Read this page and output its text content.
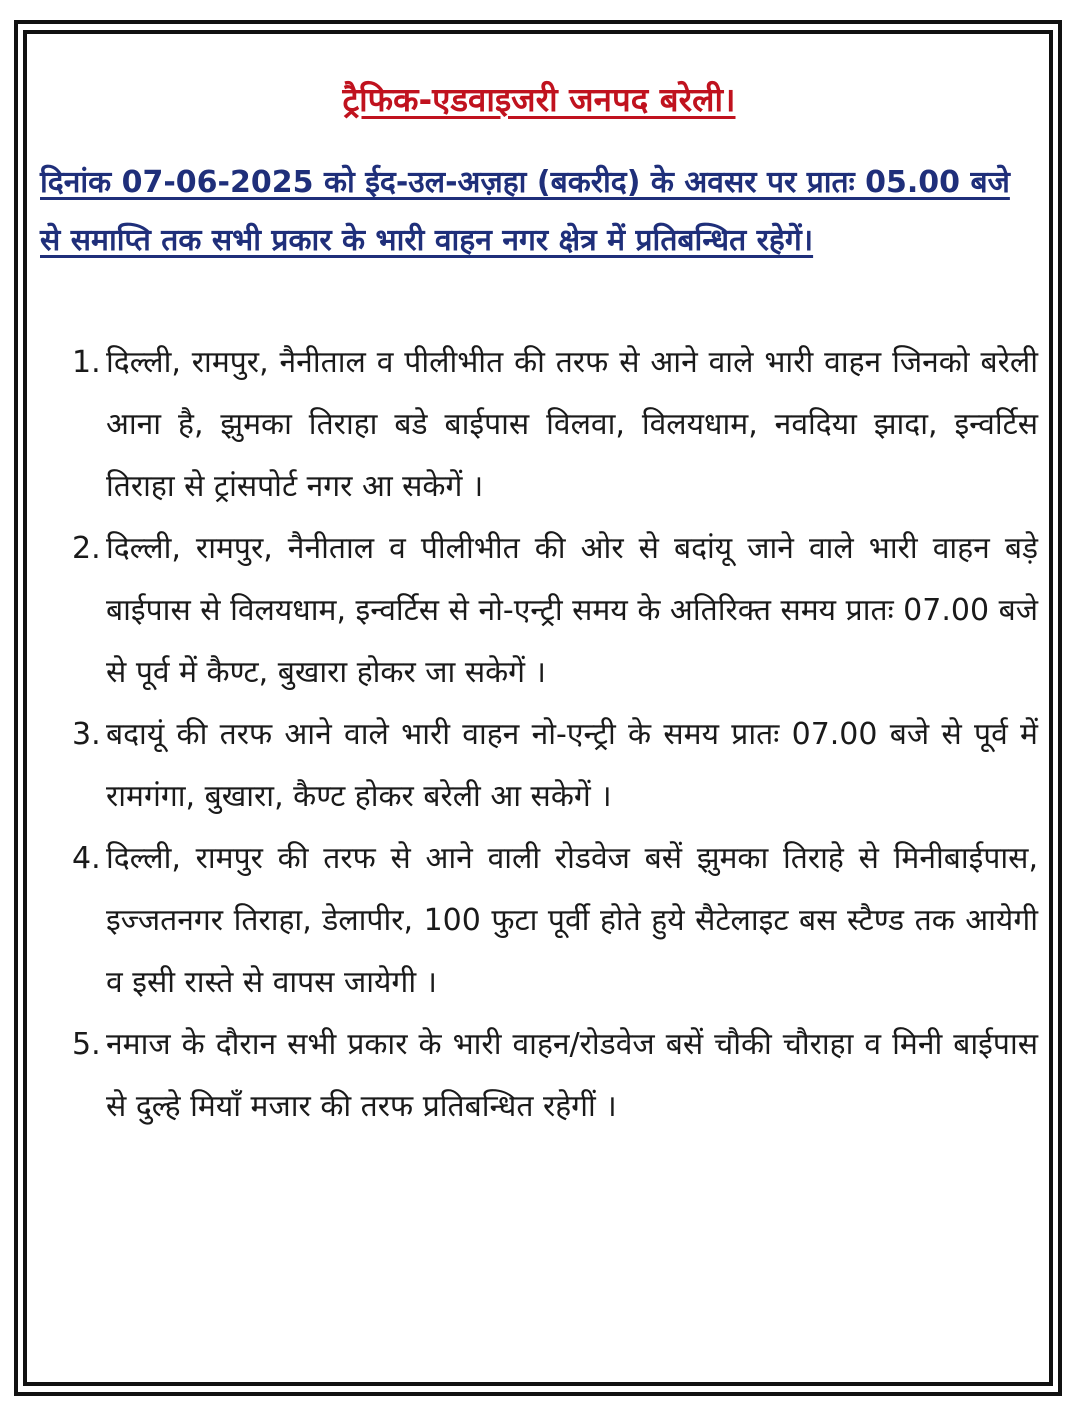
ट्रैफिक-एडवाइजरी जनपद बरेली।

दिनांक 07-06-2025 को ईद-उल-अज़हा (बकरीद) के अवसर पर प्रातः 05.00 बजे से समाप्ति तक सभी प्रकार के भारी वाहन नगर क्षेत्र में प्रतिबन्धित रहेगें।

1. दिल्ली, रामपुर, नैनीताल व पीलीभीत की तरफ से आने वाले भारी वाहन जिनको बरेली आना है, झुमका तिराहा बडे बाईपास विलवा, विलयधाम, नवदिया झादा, इन्वर्टिस तिराहा से ट्रांसपोर्ट नगर आ सकेगें ।
2. दिल्ली, रामपुर, नैनीताल व पीलीभीत की ओर से बदांयू जाने वाले भारी वाहन बड़े बाईपास से विलयधाम, इन्वर्टिस से नो-एन्ट्री समय के अतिरिक्त समय प्रातः 07.00 बजे से पूर्व में कैण्ट, बुखारा होकर जा सकेगें ।
3. बदायूं की तरफ आने वाले भारी वाहन नो-एन्ट्री के समय प्रातः 07.00 बजे से पूर्व में रामगंगा, बुखारा, कैण्ट होकर बरेली आ सकेगें ।
4. दिल्ली, रामपुर की तरफ से आने वाली रोडवेज बसें झुमका तिराहे से मिनीबाईपास, इज्जतनगर तिराहा, डेलापीर, 100 फुटा पूर्वी होते हुये सैटेलाइट बस स्टैण्ड तक आयेगी व इसी रास्ते से वापस जायेगी ।
5. नमाज के दौरान सभी प्रकार के भारी वाहन/रोडवेज बसें चौकी चौराहा व मिनी बाईपास से दुल्हे मियाँ मजार की तरफ प्रतिबन्धित रहेगीं ।
